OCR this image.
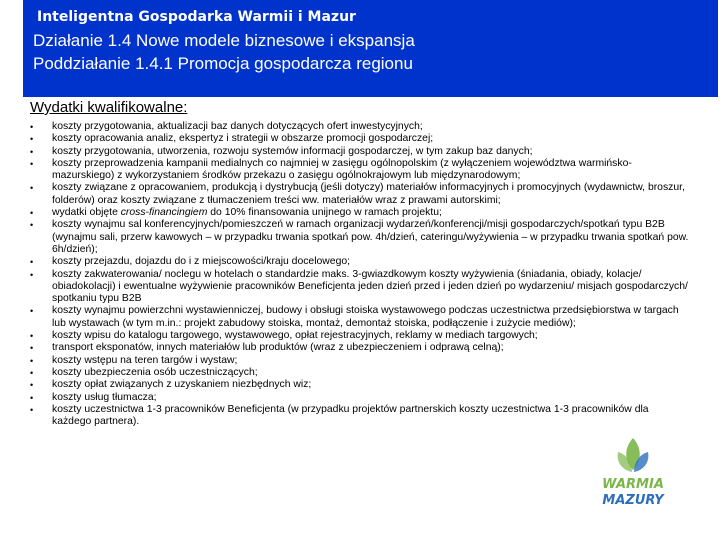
Inteligentna Gospodarka Warmii i Mazur

Działanie 1.4 Nowe modele biznesowe i ekspansja

Poddziałanie 1.4.1 Promocja gospodarcza regionu

Wydatki kwalifikowalne:

• koszty przygotowania, aktualizacji baz danych dotyczących ofert inwestycyjnych;
• koszty opracowania analiz, ekspertyz i strategii w obszarze promocji gospodarczej;
• koszty przygotowania, utworzenia, rozwoju systemów informacji gospodarczej, w tym zakup baz danych;
• koszty przeprowadzenia kampanii medialnych co najmniej w zasięgu ogólnopolskim (z wyłączeniem województwa warmińsko-mazurskiego) z wykorzystaniem środków przekazu o zasięgu ogólnokrajowym lub międzynarodowym;
• koszty związane z opracowaniem, produkcją i dystrybucją (jeśli dotyczy) materiałów informacyjnych i promocyjnych (wydawnictw, broszur, folderów) oraz koszty związane z tłumaczeniem treści ww. materiałów wraz z prawami autorskimi;
• wydatki objęte cross-financingiem do 10% finansowania unijnego w ramach projektu;
• koszty wynajmu sal konferencyjnych/pomieszczeń w ramach organizacji wydarzeń/konferencji/misji gospodarczych/spotkań typu B2B (wynajmu sali, przerw kawowych – w przypadku trwania spotkań pow. 4h/dzień, cateringu/wyżywienia – w przypadku trwania spotkań pow. 6h/dzień);
• koszty przejazdu, dojazdu do i z miejscowości/kraju docelowego;
• koszty zakwaterowania/ noclegu w hotelach o standardzie maks. 3-gwiazdkowym koszty wyżywienia (śniadania, obiady, kolacje/ obiadokolacji) i ewentualne wyżywienie pracowników Beneficjenta jeden dzień przed i jeden dzień po wydarzeniu/ misjach gospodarczych/ spotkaniu typu B2B
• koszty wynajmu powierzchni wystawienniczej, budowy i obsługi stoiska wystawowego podczas uczestnictwa przedsiębiorstwa w targach lub wystawach (w tym m.in.: projekt zabudowy stoiska, montaż, demontaż stoiska, podłączenie i zużycie mediów);
• koszty wpisu do katalogu targowego, wystawowego, opłat rejestracyjnych, reklamy w mediach targowych;
• transport eksponatów, innych materiałów lub produktów (wraz z ubezpieczeniem i odprawą celną);
• koszty wstępu na teren targów i wystaw;
• koszty ubezpieczenia osób uczestniczących;
• koszty opłat związanych z uzyskaniem niezbędnych wiz;
• koszty usług tłumacza;
• koszty uczestnictwa 1-3 pracowników Beneficjenta (w przypadku projektów partnerskich koszty uczestnictwa 1-3 pracowników dla każdego partnera).
WARMIA
MAZURY
